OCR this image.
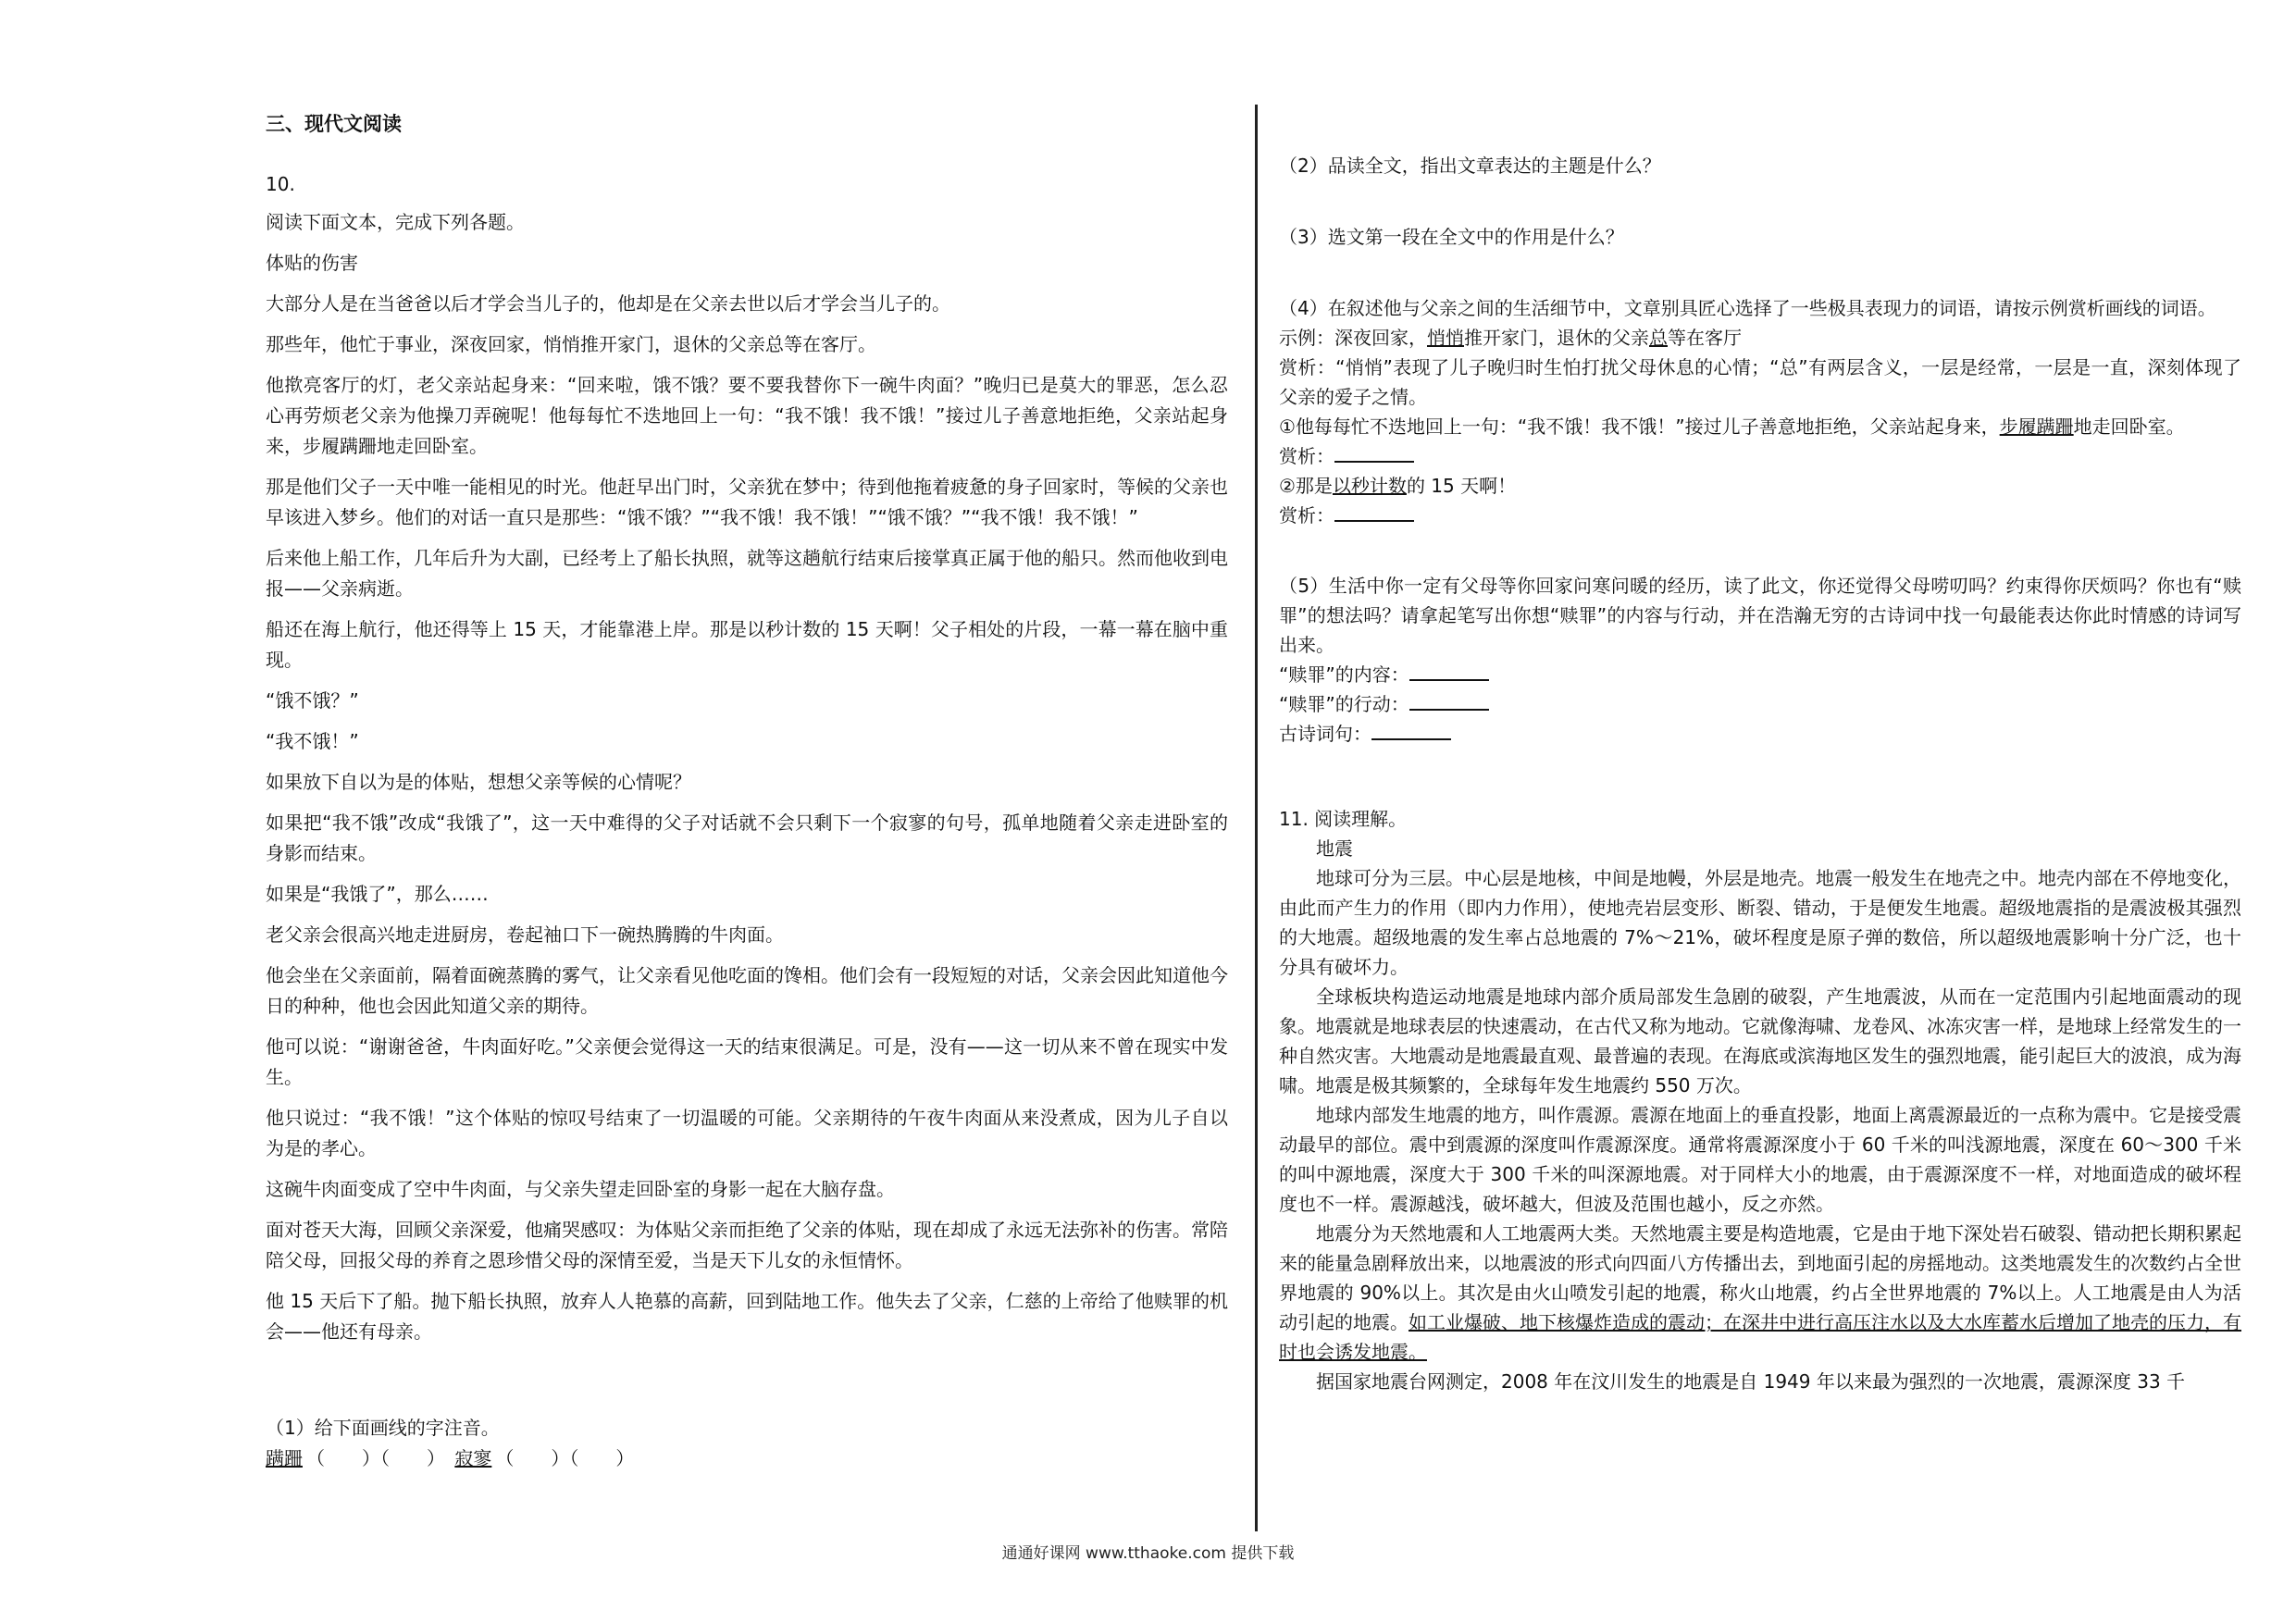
三、现代文阅读
10.
阅读下面文本，完成下列各题。
体贴的伤害
大部分人是在当爸爸以后才学会当儿子的，他却是在父亲去世以后才学会当儿子的。
那些年，他忙于事业，深夜回家，悄悄推开家门，退休的父亲总等在客厅。
他揿亮客厅的灯，老父亲站起身来：“回来啦，饿不饿？要不要我替你下一碗牛肉面？”晚归已是莫大的罪恶，怎么忍心再劳烦老父亲为他操刀弄碗呢！他每每忙不迭地回上一句：“我不饿！我不饿！”接过儿子善意地拒绝，父亲站起身来，步履蹒跚地走回卧室。
那是他们父子一天中唯一能相见的时光。他赶早出门时，父亲犹在梦中；待到他拖着疲惫的身子回家时，等候的父亲也早该进入梦乡。他们的对话一直只是那些：“饿不饿？”“我不饿！我不饿！”“饿不饿？”“我不饿！我不饿！”
后来他上船工作，几年后升为大副，已经考上了船长执照，就等这趟航行结束后接掌真正属于他的船只。然而他收到电报——父亲病逝。
船还在海上航行，他还得等上 15 天，才能靠港上岸。那是以秒计数的 15 天啊！父子相处的片段，一幕一幕在脑中重现。
“饿不饿？”
“我不饿！”
如果放下自以为是的体贴，想想父亲等候的心情呢？
如果把“我不饿”改成“我饿了”，这一天中难得的父子对话就不会只剩下一个寂寥的句号，孤单地随着父亲走进卧室的身影而结束。
如果是“我饿了”，那么……
老父亲会很高兴地走进厨房，卷起袖口下一碗热腾腾的牛肉面。
他会坐在父亲面前，隔着面碗蒸腾的雾气，让父亲看见他吃面的馋相。他们会有一段短短的对话，父亲会因此知道他今日的种种，他也会因此知道父亲的期待。
他可以说：“谢谢爸爸，牛肉面好吃。”父亲便会觉得这一天的结束很满足。可是，没有——这一切从来不曾在现实中发生。
他只说过：“我不饿！”这个体贴的惊叹号结束了一切温暖的可能。父亲期待的午夜牛肉面从来没煮成，因为儿子自以为是的孝心。
这碗牛肉面变成了空中牛肉面，与父亲失望走回卧室的身影一起在大脑存盘。
面对苍天大海，回顾父亲深爱，他痛哭感叹：为体贴父亲而拒绝了父亲的体贴，现在却成了永远无法弥补的伤害。常陪陪父母，回报父母的养育之恩珍惜父母的深情至爱，当是天下儿女的永恒情怀。
他 15 天后下了船。抛下船长执照，放弃人人艳慕的高薪，回到陆地工作。他失去了父亲，仁慈的上帝给了他赎罪的机会——他还有母亲。
（1）给下面画线的字注音。
蹒跚 （　　）（　　） 寂寥 （　　）（　　）
（2）品读全文，指出文章表达的主题是什么？
（3）选文第一段在全文中的作用是什么？
（4）在叙述他与父亲之间的生活细节中，文章别具匠心选择了一些极具表现力的词语，请按示例赏析画线的词语。
示例：深夜回家，悄悄推开家门，退休的父亲总等在客厅
赏析：“悄悄”表现了儿子晚归时生怕打扰父母休息的心情；“总”有两层含义，一层是经常，一层是一直，深刻体现了父亲的爱子之情。
①他每每忙不迭地回上一句：“我不饿！我不饿！”接过儿子善意地拒绝，父亲站起身来，步履蹒跚地走回卧室。
赏析：
②那是以秒计数的 15 天啊！
赏析：
（5）生活中你一定有父母等你回家问寒问暖的经历，读了此文，你还觉得父母唠叨吗？约束得你厌烦吗？你也有“赎罪”的想法吗？请拿起笔写出你想“赎罪”的内容与行动，并在浩瀚无穷的古诗词中找一句最能表达你此时情感的诗词写出来。
“赎罪”的内容：
“赎罪”的行动：
古诗词句：
11. 阅读理解。
地震
地球可分为三层。中心层是地核，中间是地幔，外层是地壳。地震一般发生在地壳之中。地壳内部在不停地变化，由此而产生力的作用（即内力作用），使地壳岩层变形、断裂、错动，于是便发生地震。超级地震指的是震波极其强烈的大地震。超级地震的发生率占总地震的 7%～21%，破坏程度是原子弹的数倍，所以超级地震影响十分广泛，也十分具有破坏力。
全球板块构造运动地震是地球内部介质局部发生急剧的破裂，产生地震波，从而在一定范围内引起地面震动的现象。地震就是地球表层的快速震动，在古代又称为地动。它就像海啸、龙卷风、冰冻灾害一样，是地球上经常发生的一种自然灾害。大地震动是地震最直观、最普遍的表现。在海底或滨海地区发生的强烈地震，能引起巨大的波浪，成为海啸。地震是极其频繁的，全球每年发生地震约 550 万次。
地球内部发生地震的地方，叫作震源。震源在地面上的垂直投影，地面上离震源最近的一点称为震中。它是接受震动最早的部位。震中到震源的深度叫作震源深度。通常将震源深度小于 60 千米的叫浅源地震，深度在 60～300 千米的叫中源地震，深度大于 300 千米的叫深源地震。对于同样大小的地震，由于震源深度不一样，对地面造成的破坏程度也不一样。震源越浅，破坏越大，但波及范围也越小，反之亦然。
地震分为天然地震和人工地震两大类。天然地震主要是构造地震，它是由于地下深处岩石破裂、错动把长期积累起来的能量急剧释放出来，以地震波的形式向四面八方传播出去，到地面引起的房摇地动。这类地震发生的次数约占全世界地震的 90%以上。其次是由火山喷发引起的地震，称火山地震，约占全世界地震的 7%以上。人工地震是由人为活动引起的地震。如工业爆破、地下核爆炸造成的震动；在深井中进行高压注水以及大水库蓄水后增加了地壳的压力，有时也会诱发地震。
据国家地震台网测定，2008 年在汶川发生的地震是自 1949 年以来最为强烈的一次地震，震源深度 33 千
通通好课网 www.tthaoke.com 提供下载
